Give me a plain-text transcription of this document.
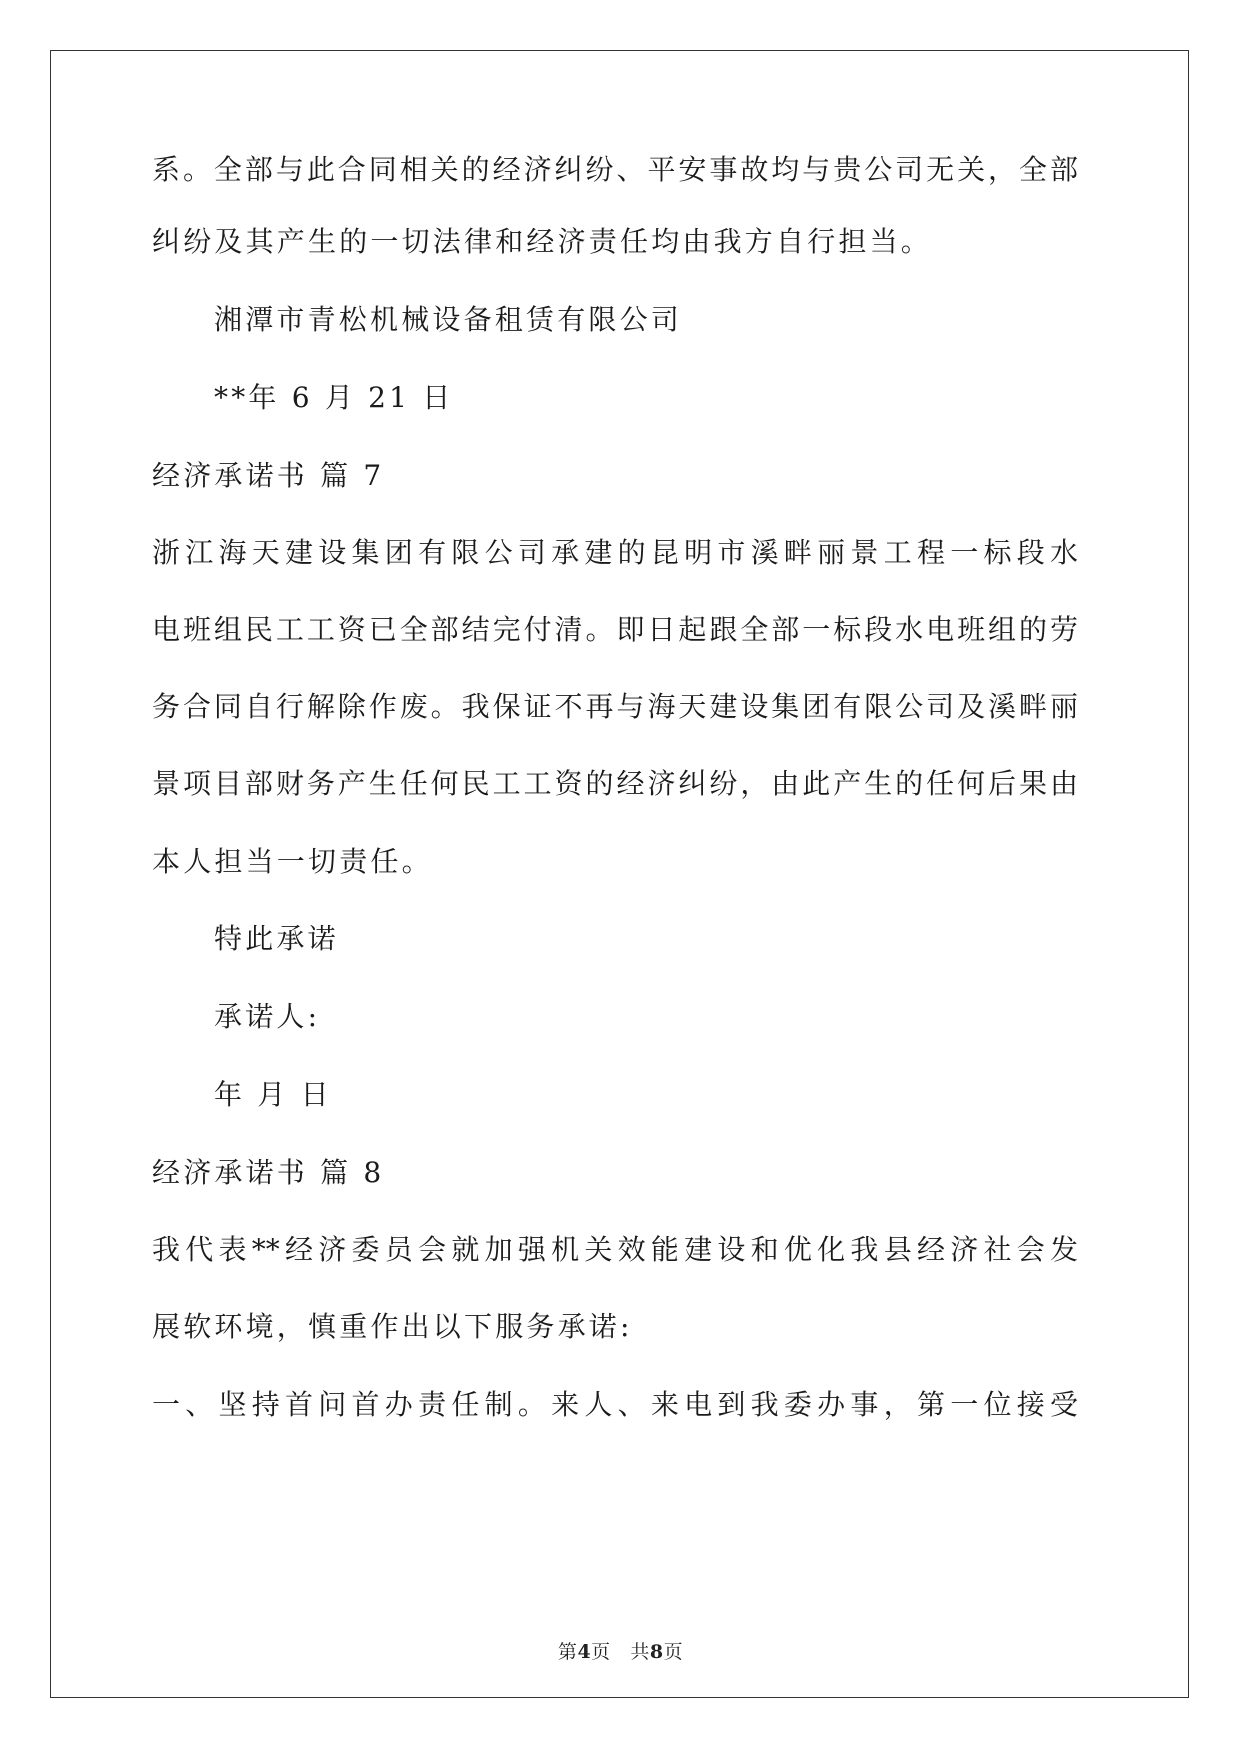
系。全部与此合同相关的经济纠纷、平安事故均与贵公司无关，全部
纠纷及其产生的一切法律和经济责任均由我方自行担当。
湘潭市青松机械设备租赁有限公司
**年 6 月 21 日
经济承诺书 篇 7
浙江海天建设集团有限公司承建的昆明市溪畔丽景工程一标段水
电班组民工工资已全部结完付清。即日起跟全部一标段水电班组的劳
务合同自行解除作废。我保证不再与海天建设集团有限公司及溪畔丽
景项目部财务产生任何民工工资的经济纠纷，由此产生的任何后果由
本人担当一切责任。
特此承诺
承诺人:
年 月 日
经济承诺书 篇 8
我代表**经济委员会就加强机关效能建设和优化我县经济社会发
展软环境，慎重作出以下服务承诺:
一、坚持首问首办责任制。来人、来电到我委办事，第一位接受
第4页 共8页
